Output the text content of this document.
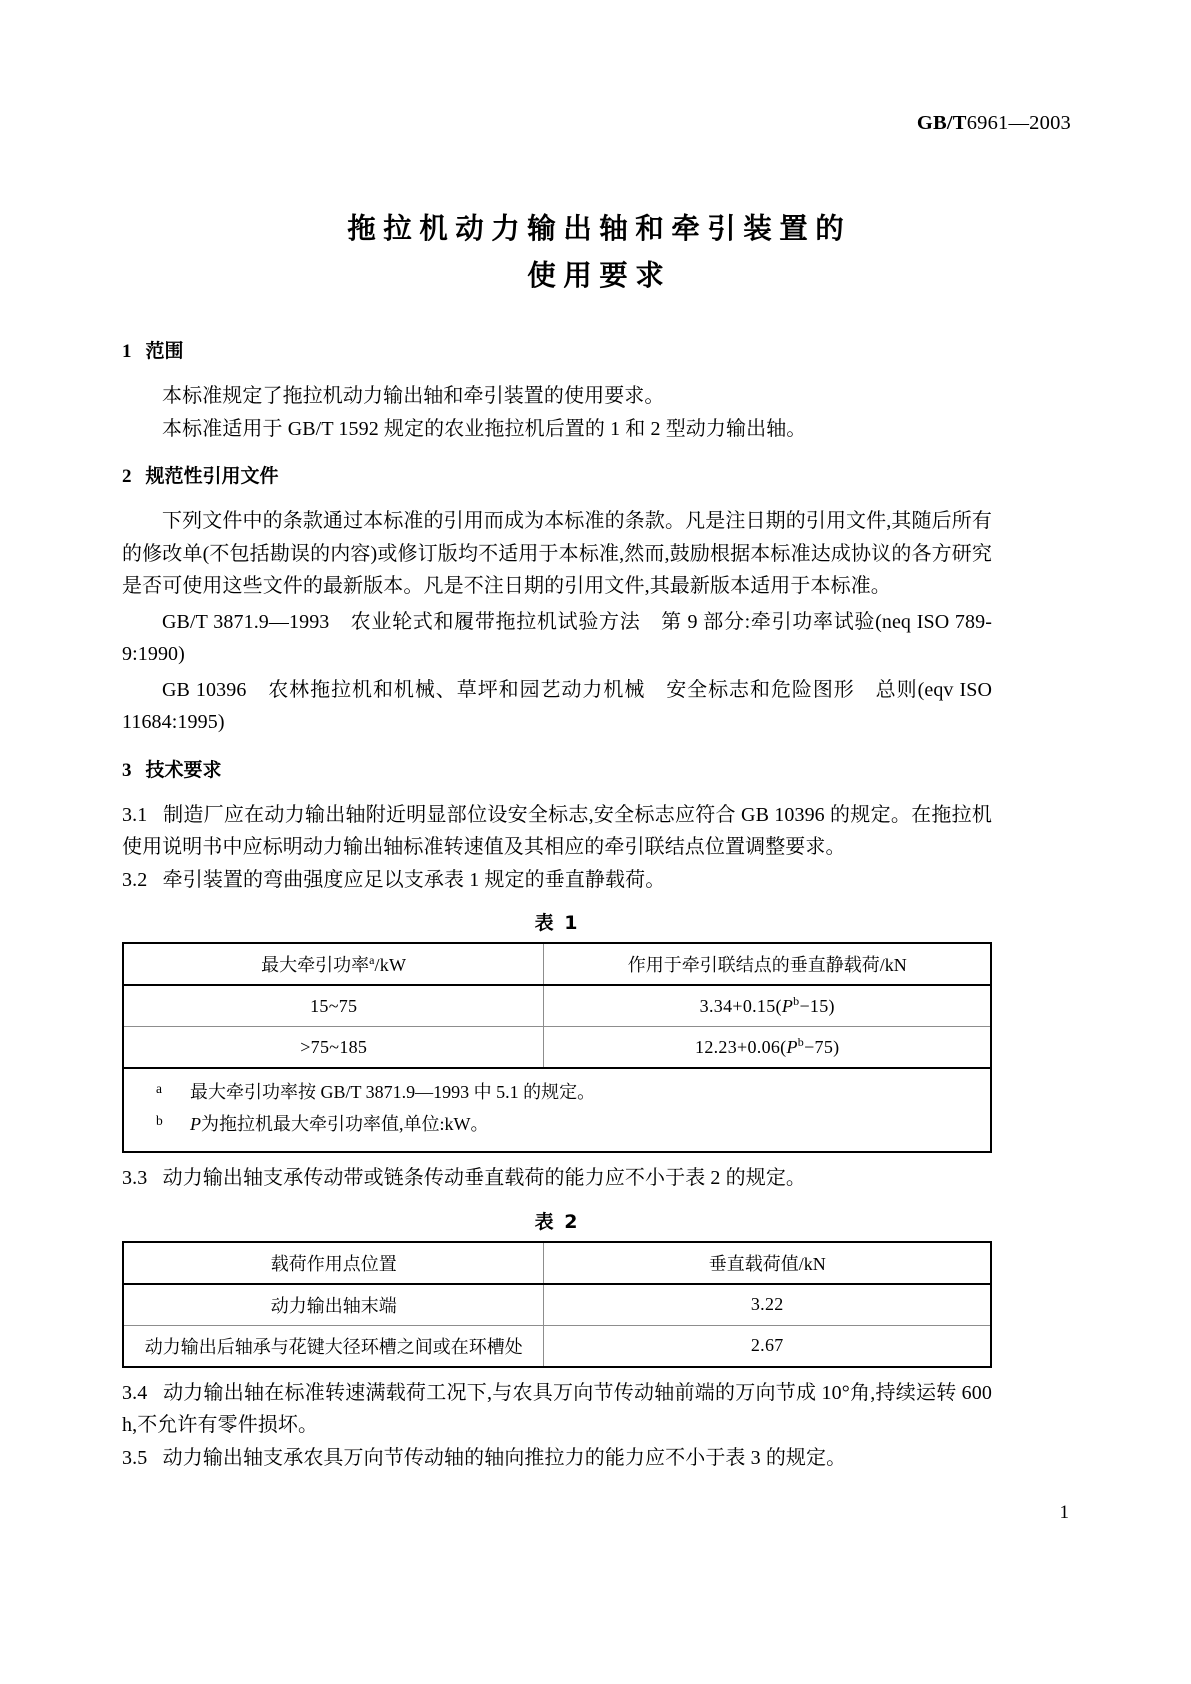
GB/T6961—2003
拖拉机动力输出轴和牵引装置的
使用要求
1 范围

本标准规定了拖拉机动力输出轴和牵引装置的使用要求。

本标准适用于 GB/T 1592 规定的农业拖拉机后置的 1 和 2 型动力输出轴。

2 规范性引用文件

下列文件中的条款通过本标准的引用而成为本标准的条款。凡是注日期的引用文件,其随后所有的修改单(不包括勘误的内容)或修订版均不适用于本标准,然而,鼓励根据本标准达成协议的各方研究是否可使用这些文件的最新版本。凡是不注日期的引用文件,其最新版本适用于本标准。

GB/T 3871.9—1993　农业轮式和履带拖拉机试验方法　第 9 部分:牵引功率试验(neq ISO 789-9:1990)

GB 10396　农林拖拉机和机械、草坪和园艺动力机械　安全标志和危险图形　总则(eqv ISO 11684:1995)

3 技术要求

3.1 制造厂应在动力输出轴附近明显部位设安全标志,安全标志应符合 GB 10396 的规定。在拖拉机使用说明书中应标明动力输出轴标准转速值及其相应的牵引联结点位置调整要求。

3.2 牵引装置的弯曲强度应足以支承表 1 规定的垂直静载荷。

表 1
最大牵引功率$^a$/kW	作用于牵引联结点的垂直静载荷/kN
15~75	3.34+0.15(P$^b$−15)
>75~185	12.23+0.06(P$^b$−75)

a 最大牵引功率按 GB/T 3871.9—1993 中 5.1 的规定。
b P为拖拉机最大牵引功率值,单位:kW。	

3.3 动力输出轴支承传动带或链条传动垂直载荷的能力应不小于表 2 的规定。

表 2
载荷作用点位置	垂直载荷值/kN
动力输出轴末端	3.22
动力输出后轴承与花键大径环槽之间或在环槽处	2.67

3.4 动力输出轴在标准转速满载荷工况下,与农具万向节传动轴前端的万向节成 10°角,持续运转 600 h,不允许有零件损坏。

3.5 动力输出轴支承农具万向节传动轴的轴向推拉力的能力应不小于表 3 的规定。

1
